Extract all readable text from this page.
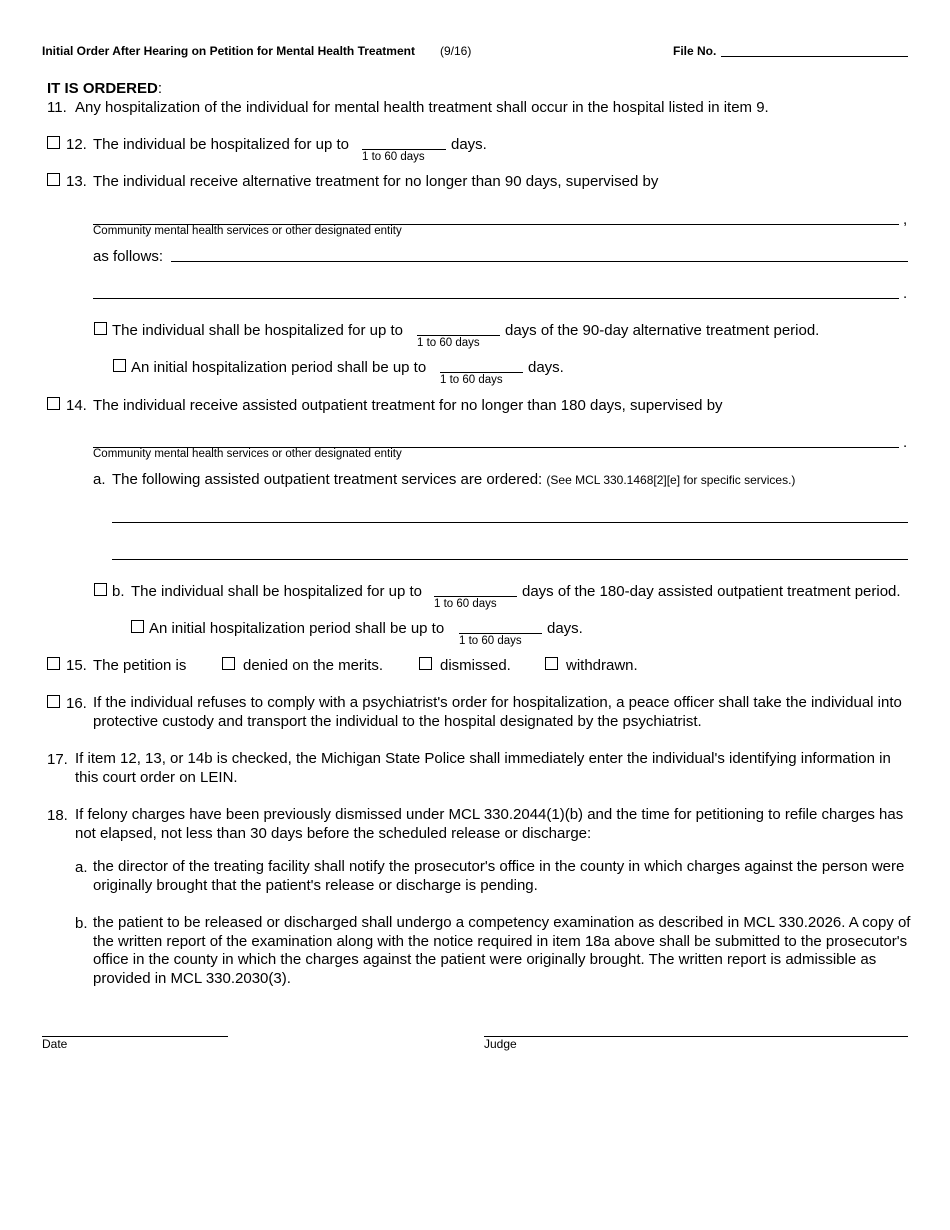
Initial Order After Hearing on Petition for Mental Health Treatment (9/16)	File No.
IT IS ORDERED:
11. Any hospitalization of the individual for mental health treatment shall occur in the hospital listed in item 9.
12. The individual be hospitalized for up to
1 to 60 days
days.
13. The individual receive alternative treatment for no longer than 90 days, supervised by
,
Community mental health services or other designated entity
as follows:
.
The individual shall be hospitalized for up to
1 to 60 days
days of the 90-day alternative treatment period.
An initial hospitalization period shall be up to
1 to 60 days
days.
14. The individual receive assisted outpatient treatment for no longer than 180 days, supervised by
.
Community mental health services or other designated entity
a. The following assisted outpatient treatment services are ordered: (See MCL 330.1468[2][e] for specific services.)
b. The individual shall be hospitalized for up to
1 to 60 days
days of the 180-day assisted outpatient treatment period.
An initial hospitalization period shall be up to
1 to 60 days
days.
15. The petition is	denied on the merits.	dismissed.	withdrawn.
16. If the individual refuses to comply with a psychiatrist's order for hospitalization, a peace officer shall take the individual into protective custody and transport the individual to the hospital designated by the psychiatrist.
17. If item 12, 13, or 14b is checked, the Michigan State Police shall immediately enter the individual's identifying information in this court order on LEIN.
18. If felony charges have been previously dismissed under MCL 330.2044(1)(b) and the time for petitioning to refile charges has not elapsed, not less than 30 days before the scheduled release or discharge:
a. the director of the treating facility shall notify the prosecutor's office in the county in which charges against the person were originally brought that the patient's release or discharge is pending.
b. the patient to be released or discharged shall undergo a competency examination as described in MCL 330.2026. A copy of the written report of the examination along with the notice required in item 18a above shall be submitted to the prosecutor's office in the county in which the charges against the patient were originally brought. The written report is admissible as provided in MCL 330.2030(3).
Date	Judge
